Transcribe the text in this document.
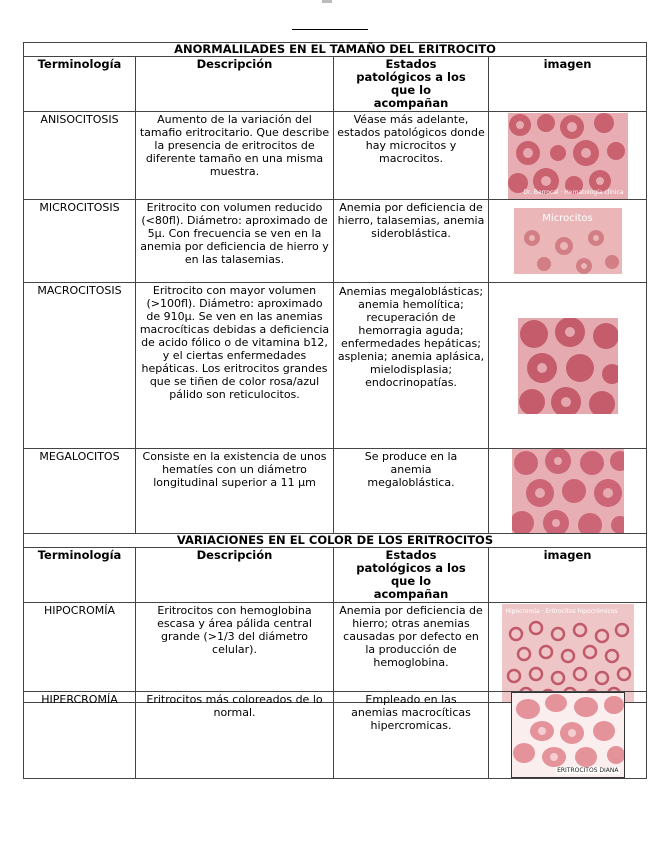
ANORMALILADES EN EL TAMAÑO DEL ERITROCITO			
Terminología	Descripción	Estados patológicos a los que lo acompañan	imagen
ANISOCITOSIS	Aumento de la variación del tamafio eritrocitario. Que describe la presencia de eritrocitos de diferente tamaño en una misma muestra.	Véase más adelante, estados patológicos donde hay microcitos y macrocitos.	Dr. Berrocal · Hematología clínica

MICROCITOSIS	Eritrocito con volumen reducido (<80fl). Diámetro: aproximado de 5µ. Con frecuencia se ven en la anemia por deficiencia de hierro y en las talasemias.	Anemia por deficiencia de hierro, talasemias, anemia sideroblástica.	Microcitos

MACROCITOSIS	Eritrocito con mayor volumen (>100fl). Diámetro: aproximado de 910µ. Se ven en las anemias macrocíticas debidas a deficiencia de acido fólico o de vitamina b12, y el ciertas enfermedades hepáticas. Los eritrocitos grandes que se tiñen de color rosa/azul pálido son reticulocitos.	Anemias megaloblásticas; anemia hemolítica; recuperación de hemorragia aguda; enfermedades hepáticas; asplenia; anemia aplásica, mielodisplasia; endocrinopatías.	

MEGALOCITOS	Consiste en la existencia de unos hematíes con un diámetro longitudinal superior a 11 µm	Se produce en la anemia megaloblástica.	

VARIACIONES EN EL COLOR DE LOS ERITROCITOS			
Terminología	Descripción	Estados patológicos a los que lo acompañan	imagen
HIPOCROMÍA	Eritrocitos con hemoglobina escasa y área pálida central grande (>1/3 del diámetro celular).	Anemia por deficiencia de hierro; otras anemias causadas por defecto en la producción de hemoglobina.	Hipocromía · Eritrocitos hipocrómicos
HIPERCROMÍA	Eritrocitos más coloreados de lo normal.	Empleado en las anemias macrocíticas hipercromicas.	
ERITROCITOS DIANA
